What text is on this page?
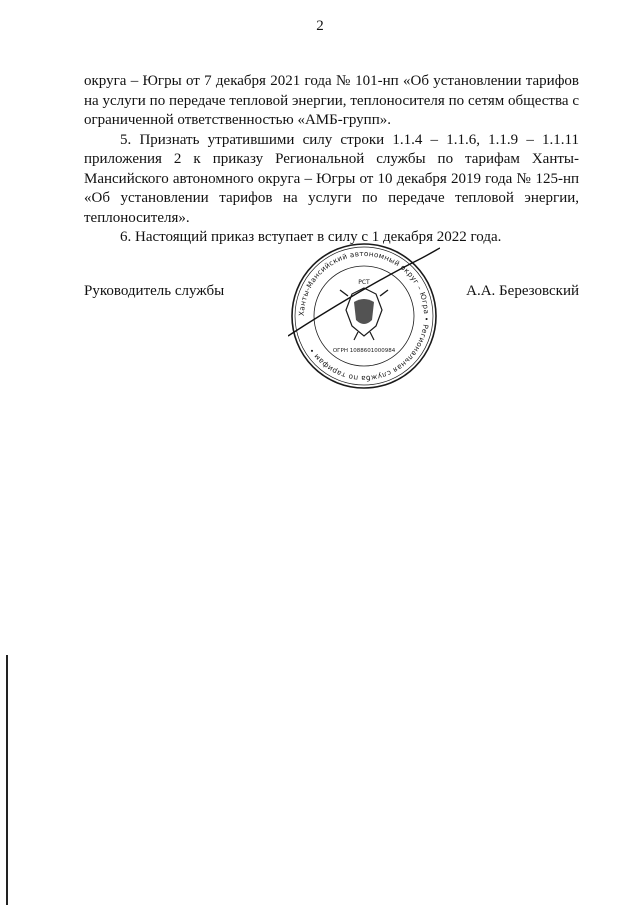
2

округа – Югры от 7 декабря 2021 года № 101-нп «Об установлении тарифов на услуги по передаче тепловой энергии, теплоносителя по сетям общества с ограниченной ответственностью «АМБ-групп».

5. Признать утратившими силу строки 1.1.4 – 1.1.6, 1.1.9 – 1.1.11 приложения 2 к приказу Региональной службы по тарифам Ханты-Мансийского автономного округа – Югры от 10 декабря 2019 года № 125-нп «Об установлении тарифов на услуги по передаче тепловой энергии, теплоносителя».

6. Настоящий приказ вступает в силу с 1 декабря 2022 года.

Руководитель службы	А.А. Березовский
Ханты-Мансийский автономный округ – Югра • Региональная служба по тарифам •
РСТ
ОГРН 1088601000984
